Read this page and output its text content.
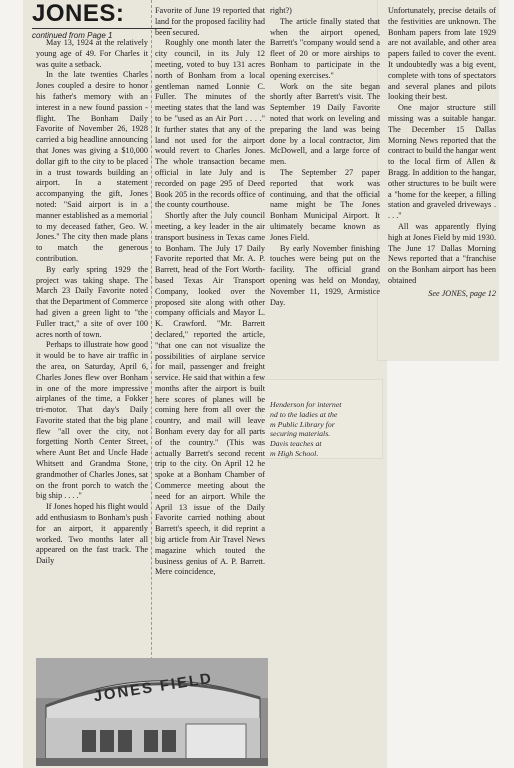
JONES:
continued from Page 1

May 13, 1924 at the relatively young age of 49. For Charles it was quite a setback.

In the late twenties Charles Jones coupled a desire to honor his father's memory with an interest in a new found passion - flight. The Bonham Daily Favorite of November 26, 1928 carried a big headline announcing that Jones was giving a $10,000 dollar gift to the city to be placed in a trust towards building an airport. In a statement accompanying the gift, Jones noted: "Said airport is in a manner established as a memorial to my deceased father, Geo. W. Jones." The city then made plans to match the generous contribution.

By early spring 1929 the project was taking shape. The March 23 Daily Favorite noted that the Department of Commerce had given a green light to "the Fuller tract," a site of over 100 acres north of town.

Perhaps to illustrate how good it would be to have air traffic in the area, on Saturday, April 6, Charles Jones flew over Bonham in one of the more impressive airplanes of the time, a Fokker tri-motor. That day's Daily Favorite stated that the big plane flew "all over the city, not forgetting North Center Street, where Aunt Bet and Uncle Hade Whitsett and Grandma Stone, grandmother of Charles Jones, sat on the front porch to watch the big ship . . . ."

If Jones hoped his flight would add enthusiasm to Bonham's push for an airport, it apparently worked. Two months later all appeared on the fast track. The Daily

Favorite of June 19 reported that land for the proposed facility had been secured.

Roughly one month later the city council, in its July 12 meeting, voted to buy 131 acres north of Bonham from a local gentleman named Lonnie C. Fuller. The minutes of the meeting states that the land was to be "used as an Air Port . . . ." It further states that any of the land not used for the airport would revert to Charles Jones. The whole transaction became official in late July and is recorded on page 295 of Deed Book 205 in the records office of the county courthouse.

Shortly after the July council meeting, a key leader in the air transport business in Texas came to Bonham. The July 17 Daily Favorite reported that Mr. A. P. Barrett, head of the Fort Worth-based Texas Air Transport Company, looked over the proposed site along with other company officials and Mayor L. K. Crawford. "Mr. Barrett declared," reported the article, "that one can not visualize the possibilities of airplane service for mail, passenger and freight service. He said that within a few months after the airport is built here scores of planes will be coming here from all over the country, and mail will leave Bonham every day for all parts of the country." (This was actually Barrett's second recent trip to the city. On April 12 he spoke at a Bonham Chamber of Commerce meeting about the need for an airport. While the April 13 issue of the Daily Favorite carried nothing about Barrett's speech, it did reprint a big article from Air Travel News magazine which touted the business genius of A. P. Barrett. Mere coincidence,

right?)

The article finally stated that when the airport opened, Barrett's "company would send a fleet of 20 or more airships to Bonham to participate in the opening exercises."

Work on the site began shortly after Barrett's visit. The September 19 Daily Favorite noted that work on leveling and preparing the land was being done by a local contractor, Jim McDowell, and a large force of men.

The September 27 paper reported that work was continuing, and that the official name might be The Jones Bonham Municipal Airport. It ultimately became known as Jones Field.

By early November finishing touches were being put on the facility. The official grand opening was held on Monday, November 11, 1929, Armistice Day.

Unfortunately, precise details of the festivities are unknown. The Bonham papers from late 1929 are not available, and other area papers failed to cover the event. It undoubtedly was a big event, complete with tons of spectators and several planes and pilots looking their best.

One major structure still missing was a suitable hangar. The December 15 Dallas Morning News reported that the contract to build the hangar went to the local firm of Allen & Bragg. In addition to the hangar, other structures to be built were a "home for the keeper, a filling station and graveled driveways . . . ."

All was apparently flying high at Jones Field by mid 1930. The June 17 Dallas Morning News reported that a "franchise on the Bonham airport has been obtained

See JONES, page 12
Henderson for internet
nd to the ladies at the
m Public Library for
securing materials.
Davis teaches at
m High School.
JONES FIELD
